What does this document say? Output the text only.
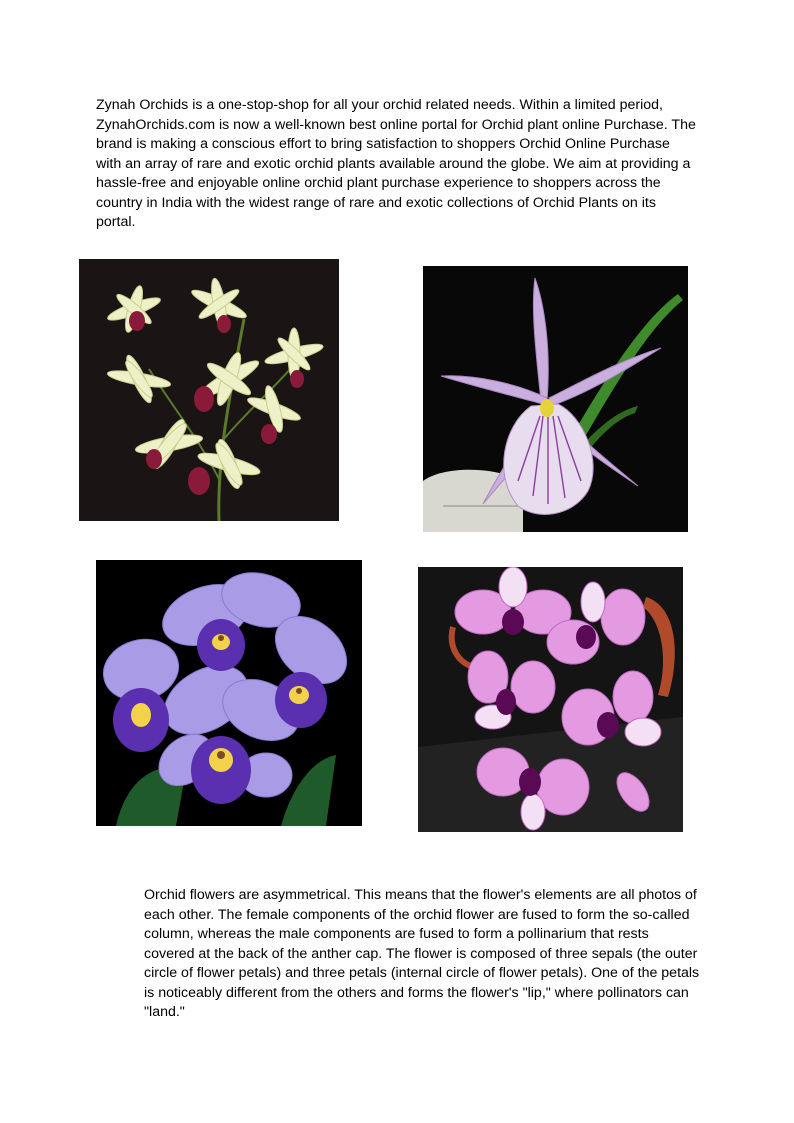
Zynah Orchids is a one-stop-shop for all your orchid related needs. Within a limited period, ZynahOrchids.com is now a well-known best online portal for Orchid plant online Purchase. The brand is making a conscious effort to bring satisfaction to shoppers Orchid Online Purchase with an array of rare and exotic orchid plants available around the globe. We aim at providing a hassle-free and enjoyable online orchid plant purchase experience to shoppers across the country in India with the widest range of rare and exotic collections of Orchid Plants on its portal.

Orchid flowers are asymmetrical. This means that the flower's elements are all photos of each other. The female components of the orchid flower are fused to form the so-called column, whereas the male components are fused to form a pollinarium that rests covered at the back of the anther cap. The flower is composed of three sepals (the outer circle of flower petals) and three petals (internal circle of flower petals). One of the petals is noticeably different from the others and forms the flower's "lip," where pollinators can "land."
